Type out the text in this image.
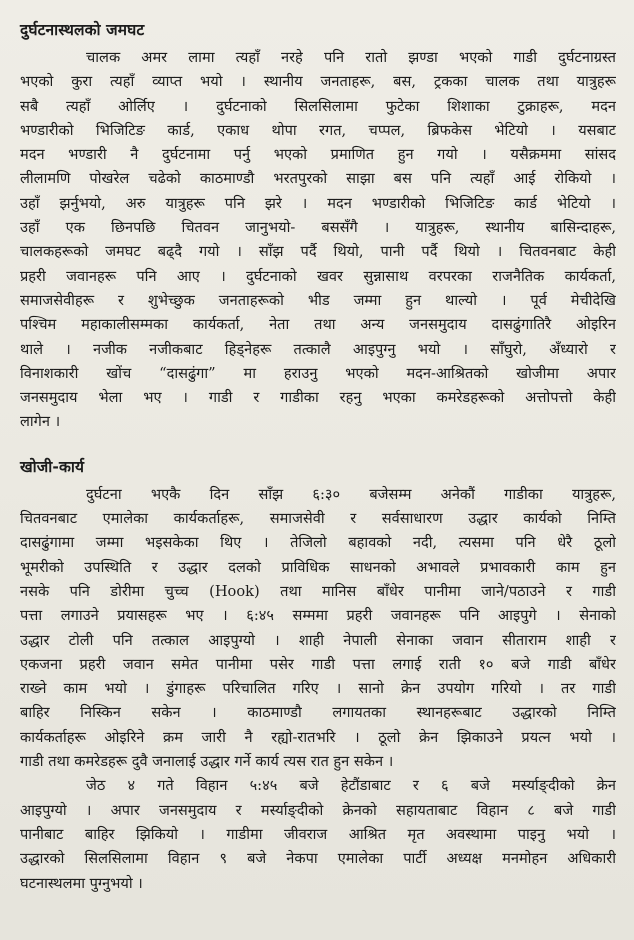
दुर्घटनास्थलको जमघट

चालक अमर लामा त्यहाँ नरहे पनि रातो झण्डा भएको गाडी दुर्घटनाग्रस्त
भएको कुरा त्यहाँ व्याप्त भयो । स्थानीय जनताहरू, बस, ट्रकका चालक तथा यात्रुहरू
सबै त्यहाँ ओर्लिए । दुर्घटनाको सिलसिलामा फुटेका शिशाका टुक्राहरू, मदन
भण्डारीको भिजिटिङ कार्ड, एकाध थोपा रगत, चप्पल, ब्रिफकेस भेटियो । यसबाट
मदन भण्डारी नै दुर्घटनामा पर्नु भएको प्रमाणित हुन गयो । यसैक्रममा सांसद
लीलामणि पोखरेल चढेको काठमाण्डौ भरतपुरको साझा बस पनि त्यहाँ आई रोकियो ।
उहाँ झर्नुभयो, अरु यात्रुहरू पनि झरे । मदन भण्डारीको भिजिटिङ कार्ड भेटियो ।
उहाँ एक छिनपछि चितवन जानुभयो- बससँगै । यात्रुहरू, स्थानीय बासिन्दाहरू,
चालकहरूको जमघट बढ्दै गयो । साँझ पर्दै थियो, पानी पर्दै थियो । चितवनबाट केही
प्रहरी जवानहरू पनि आए । दुर्घटनाको खवर सुन्नासाथ वरपरका राजनैतिक कार्यकर्ता,
समाजसेवीहरू र शुभेच्छुक जनताहरूको भीड जम्मा हुन थाल्यो । पूर्व मेचीदेखि
पश्चिम महाकालीसम्मका कार्यकर्ता, नेता तथा अन्य जनसमुदाय दासढुंगातिरै ओइरिन
थाले । नजीक नजीकबाट हिड्नेहरू तत्कालै आइपुग्नु भयो । साँघुरो, अँध्यारो र
विनाशकारी खोंच “दासढुंगा” मा हराउनु भएको मदन-आश्रितको खोजीमा अपार
जनसमुदाय भेला भए । गाडी र गाडीका रहनु भएका कमरेडहरूको अत्तोपत्तो केही
लागेन ।

खोजी-कार्य

दुर्घटना भएकै दिन साँझ ६:३० बजेसम्म अनेकौं गाडीका यात्रुहरू,
चितवनबाट एमालेका कार्यकर्ताहरू, समाजसेवी र सर्वसाधारण उद्धार कार्यको निम्ति
दासढुंगामा जम्मा भइसकेका थिए । तेजिलो बहावको नदी, त्यसमा पनि धेरै ठूलो
भूमरीको उपस्थिति र उद्धार दलको प्राविधिक साधनको अभावले प्रभावकारी काम हुन
नसके पनि डोरीमा चुच्च (Hook) तथा मानिस बाँधेर पानीमा जाने/पठाउने र गाडी
पत्ता लगाउने प्रयासहरू भए । ६:४५ सम्ममा प्रहरी जवानहरू पनि आइपुगे । सेनाको
उद्धार टोली पनि तत्काल आइपुग्यो । शाही नेपाली सेनाका जवान सीताराम शाही र
एकजना प्रहरी जवान समेत पानीमा पसेर गाडी पत्ता लगाई राती १० बजे गाडी बाँधेर
राख्ने काम भयो । डुंगाहरू परिचालित गरिए । सानो क्रेन उपयोग गरियो । तर गाडी
बाहिर निस्किन सकेन । काठमाण्डौ लगायतका स्थानहरूबाट उद्धारको निम्ति
कार्यकर्ताहरू ओइरिने क्रम जारी नै रह्यो-रातभरि । ठूलो क्रेन झिकाउने प्रयत्न भयो ।
गाडी तथा कमरेडहरू दुवै जनालाई उद्धार गर्ने कार्य त्यस रात हुन सकेन ।

जेठ ४ गते विहान ५:४५ बजे हेटौंडाबाट र ६ बजे मर्स्याङ्दीको क्रेन
आइपुग्यो । अपार जनसमुदाय र मर्स्याङ्दीको क्रेनको सहायताबाट विहान ८ बजे गाडी
पानीबाट बाहिर झिकियो । गाडीमा जीवराज आश्रित मृत अवस्थामा पाइनु भयो ।
उद्धारको सिलसिलामा विहान ९ बजे नेकपा एमालेका पार्टी अध्यक्ष मनमोहन अधिकारी
घटनास्थलमा पुग्नुभयो ।
